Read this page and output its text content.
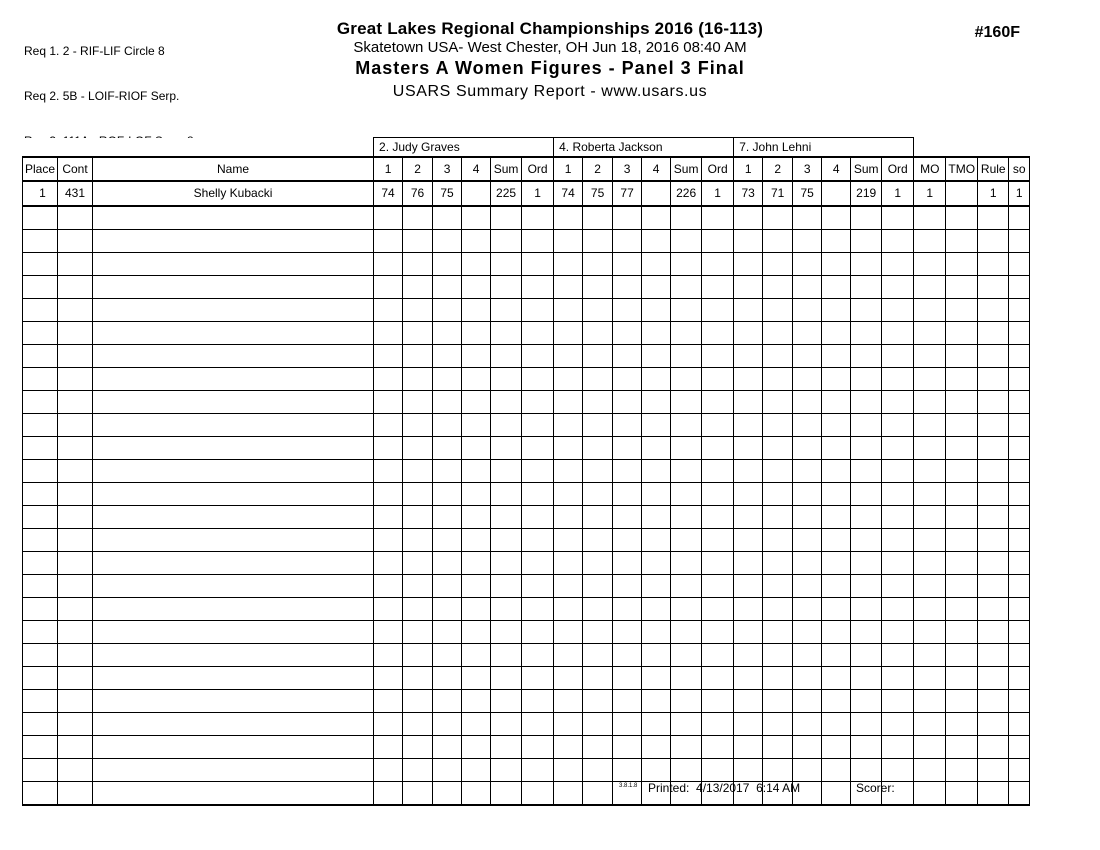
Req 1. 2 - RIF-LIF Circle 8

Req 2. 5B - LOIF-RIOF Serp.

Great Lakes Regional Championships 2016 (16-113)
Skatetown USA- West Chester, OH Jun 18, 2016 08:40 AM
Masters A Women Figures - Panel 3 Final
USARS Summary Report - www.usars.us
#160F
			2. Judy Graves						4. Roberta Jackson						7. John Lehni									
Place	Cont	Name	1	2	3	4	Sum	Ord	1	2	3	4	Sum	Ord	1	2	3	4	Sum	Ord	MO	TMO	Rule	so
1	431	Shelly Kubacki	74	76	75		225	1	74	75	77		226	1	73	71	75		219	1	1		1	1

3.8.1.8 Printed:  4/13/2017  6:14 AM	Scorer:
